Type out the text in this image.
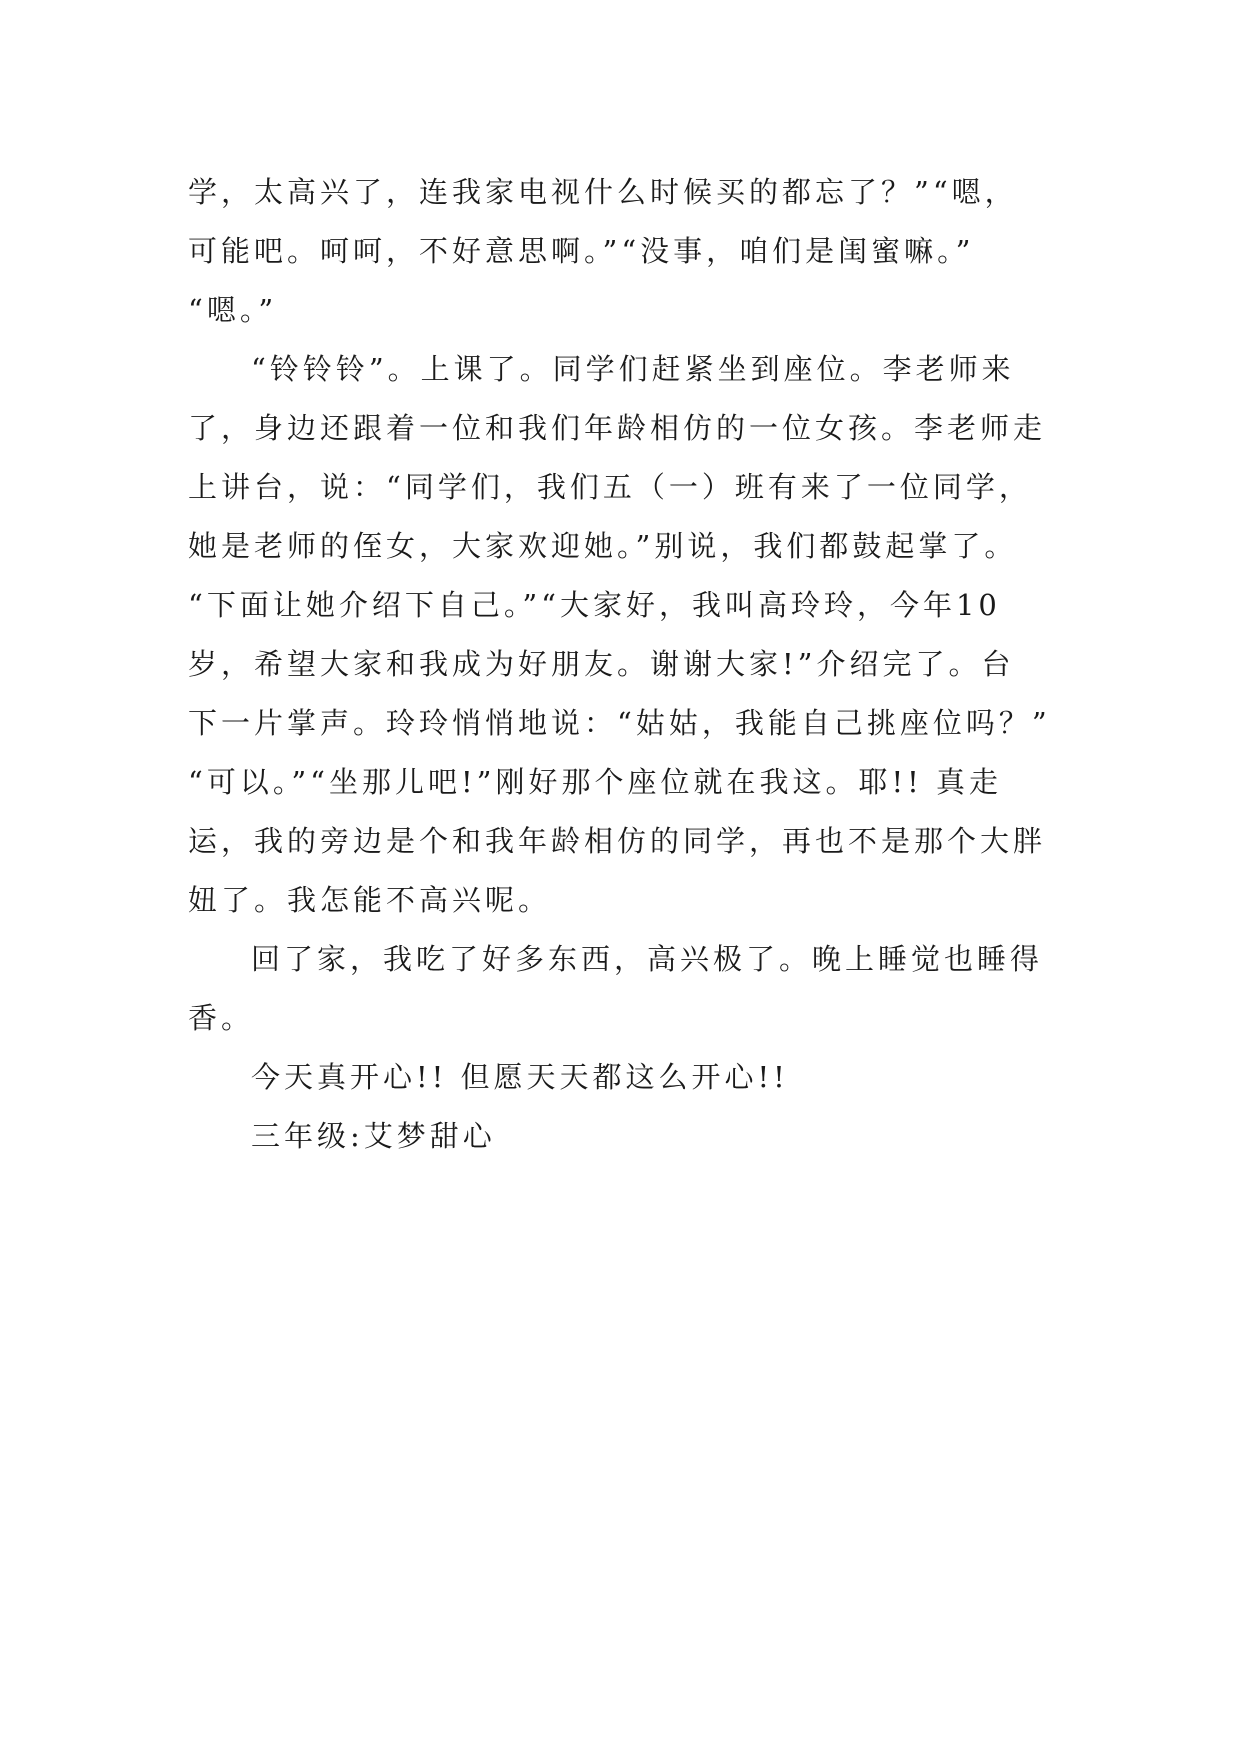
学，太高兴了，连我家电视什么时候买的都忘了？”“嗯，
可能吧。呵呵，不好意思啊。”“没事，咱们是闺蜜嘛。”
“嗯。”
“铃铃铃”。上课了。同学们赶紧坐到座位。李老师来
了，身边还跟着一位和我们年龄相仿的一位女孩。李老师走
上讲台，说：“同学们，我们五（一）班有来了一位同学，
她是老师的侄女，大家欢迎她。”别说，我们都鼓起掌了。
“下面让她介绍下自己。”“大家好，我叫高玲玲，今年10
岁，希望大家和我成为好朋友。谢谢大家!”介绍完了。台
下一片掌声。玲玲悄悄地说：“姑姑，我能自己挑座位吗？”
“可以。”“坐那儿吧!”刚好那个座位就在我这。耶!! 真走
运，我的旁边是个和我年龄相仿的同学，再也不是那个大胖
妞了。我怎能不高兴呢。
回了家，我吃了好多东西，高兴极了。晚上睡觉也睡得
香。
今天真开心!! 但愿天天都这么开心!!
三年级:艾梦甜心
